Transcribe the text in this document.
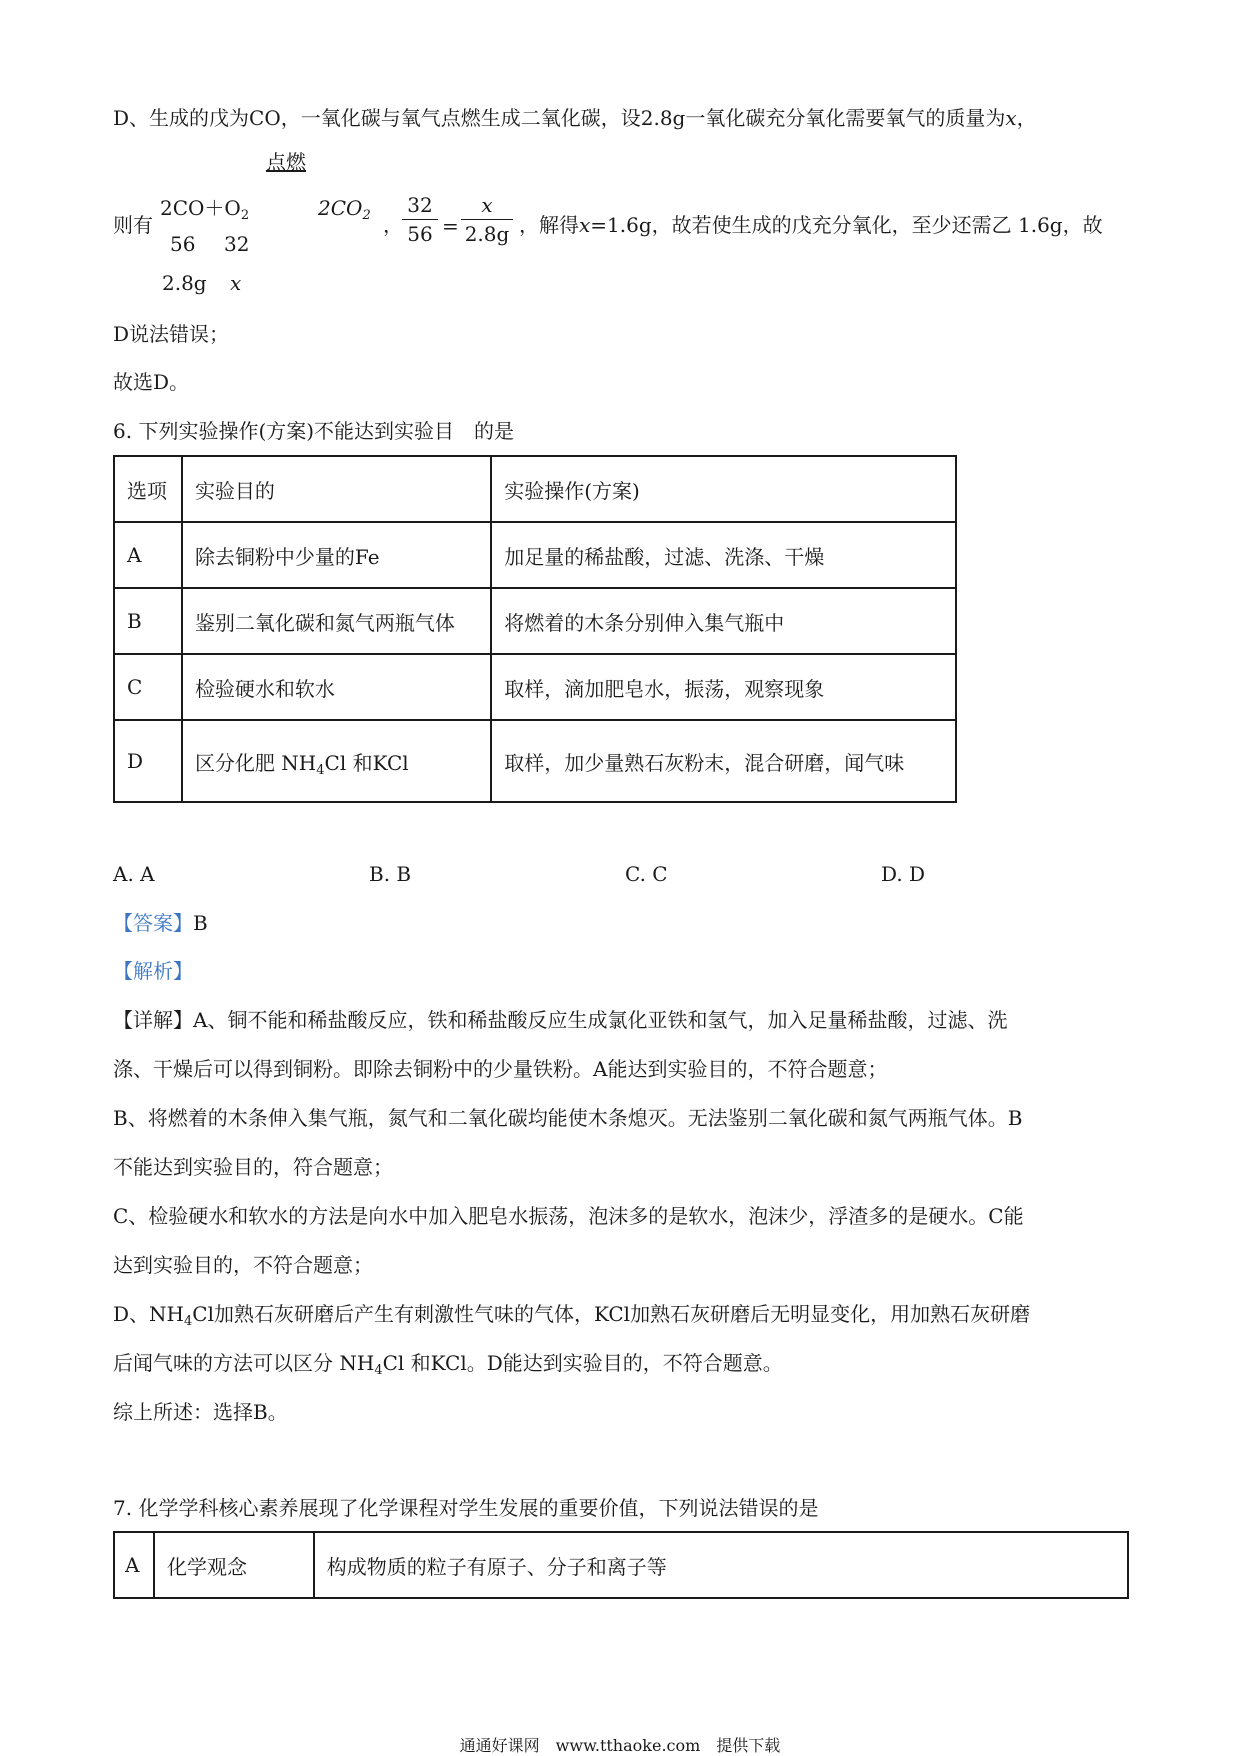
D、生成的戊为CO，一氧化碳与氧气点燃生成二氧化碳，设2.8g一氧化碳充分氧化需要氧气的质量为x，
点燃
则有
$2CO+O_2$	$2CO_2$ ，
56 32
2.8g x
32
56 =
x
2.8g ，解得x=1.6g，故若使生成的戊充分氧化，至少还需乙 1.6g，故
D说法错误；
故选D。
6. 下列实验操作(方案)不能达到实验目　的是
选项	实验目的	实验操作(方案)
A	除去铜粉中少量的Fe	加足量的稀盐酸，过滤、洗涤、干燥
B	鉴别二氧化碳和氮气两瓶气体	将燃着的木条分别伸入集气瓶中
C	检验硬水和软水	取样，滴加肥皂水，振荡，观察现象
D	区分化肥 $NH_4Cl$ 和KCl	取样，加少量熟石灰粉末，混合研磨，闻气味
A. A	B. B	C. C	D. D
【答案】B
【解析】
【详解】A、铜不能和稀盐酸反应，铁和稀盐酸反应生成氯化亚铁和氢气，加入足量稀盐酸，过滤、洗
涤、干燥后可以得到铜粉。即除去铜粉中的少量铁粉。A能达到实验目的，不符合题意；
B、将燃着的木条伸入集气瓶，氮气和二氧化碳均能使木条熄灭。无法鉴别二氧化碳和氮气两瓶气体。B
不能达到实验目的，符合题意；
C、检验硬水和软水的方法是向水中加入肥皂水振荡，泡沫多的是软水，泡沫少，浮渣多的是硬水。C能
达到实验目的，不符合题意；
D、$NH_4Cl$加熟石灰研磨后产生有刺激性气味的气体，KCl加熟石灰研磨后无明显变化，用加熟石灰研磨
后闻气味的方法可以区分 $NH_4Cl$ 和KCl。D能达到实验目的，不符合题意。
综上所述：选择B。
7. 化学学科核心素养展现了化学课程对学生发展的重要价值，下列说法错误的是
A	化学观念	构成物质的粒子有原子、分子和离子等
通通好课网　www.tthaoke.com　提供下载
